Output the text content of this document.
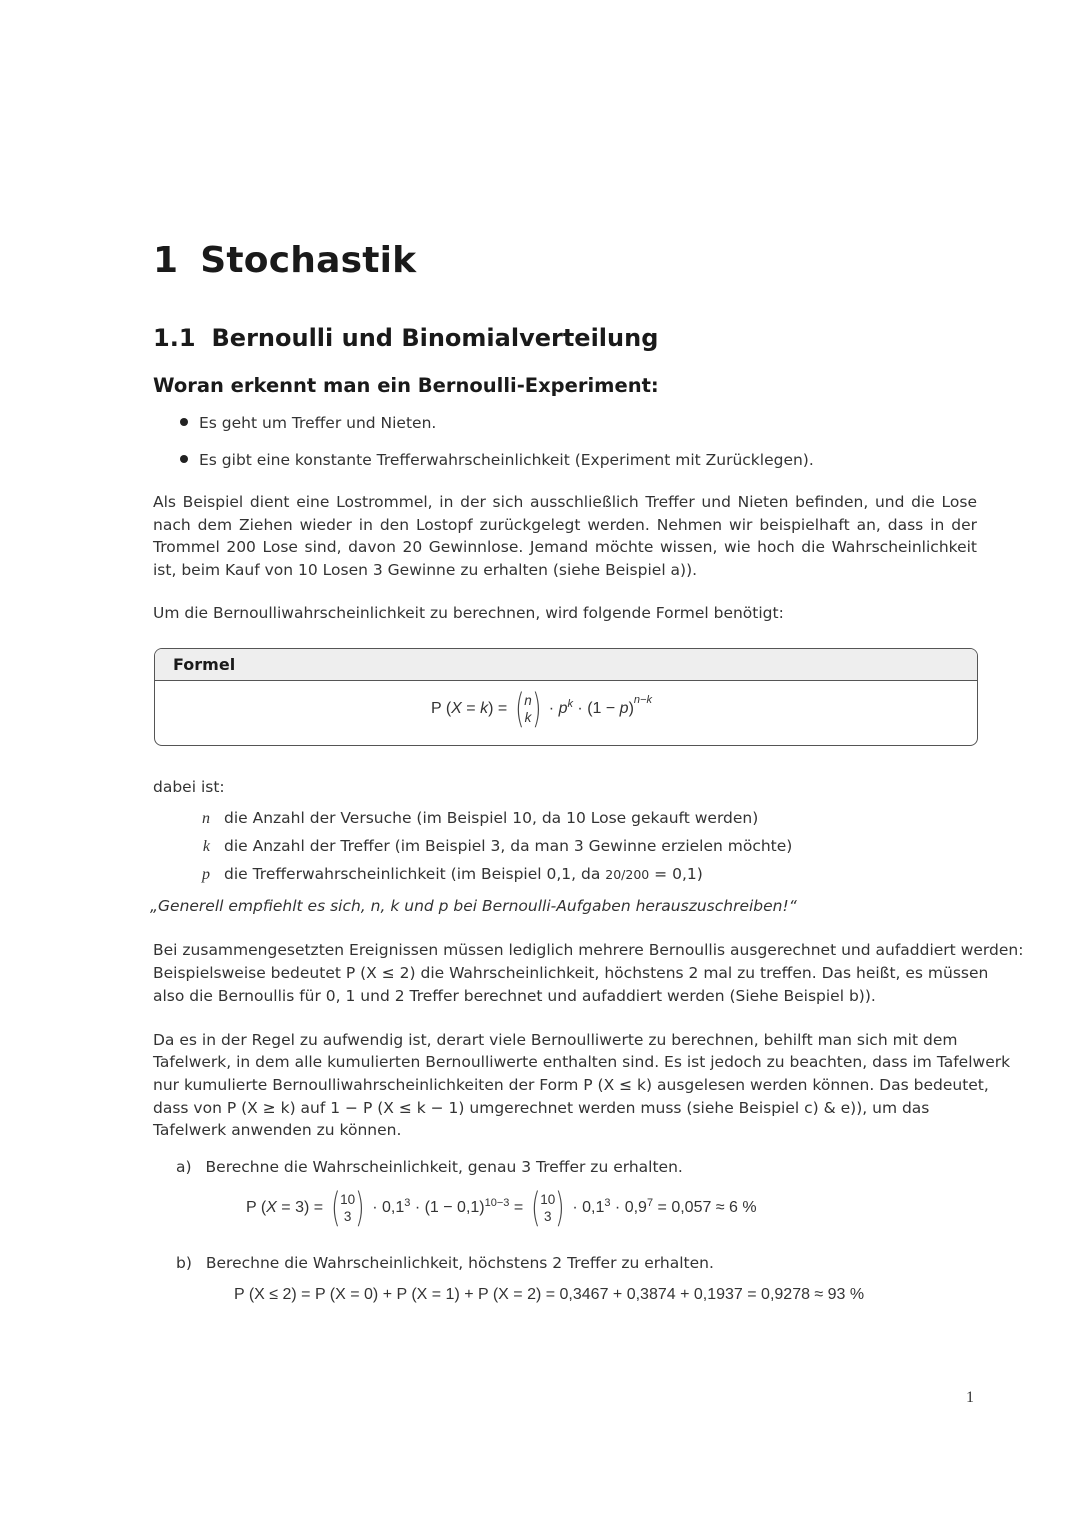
1 Stochastik
1.1 Bernoulli und Binomialverteilung
Woran erkennt man ein Bernoulli-Experiment:
Es geht um Treffer und Nieten.
Es gibt eine konstante Trefferwahrscheinlichkeit (Experiment mit Zurücklegen).
Als Beispiel dient eine Lostrommel, in der sich ausschließlich Treffer und Nieten befinden, und die Lose nach dem Ziehen wieder in den Lostopf zurückgelegt werden. Nehmen wir beispielhaft an, dass in der Trommel 200 Lose sind, davon 20 Gewinnlose. Jemand möchte wissen, wie hoch die Wahrscheinlichkeit ist, beim Kauf von 10 Losen 3 Gewinne zu erhalten (siehe Beispiel a)).
Um die Bernoulliwahrscheinlichkeit zu berechnen, wird folgende Formel benötigt:
Formel
P (X = k) = (n
$k) \cdot p^k \cdot (1 - p)^{n-k}$
dabei ist:
n die Anzahl der Versuche (im Beispiel 10, da 10 Lose gekauft werden)
k die Anzahl der Treffer (im Beispiel 3, da man 3 Gewinne erzielen möchte)
p die Trefferwahrscheinlichkeit (im Beispiel 0,1, da 20/200 = 0,1)
„Generell empfiehlt es sich, n, k und p bei Bernoulli-Aufgaben herauszuschreiben!“
Bei zusammengesetzten Ereignissen müssen lediglich mehrere Bernoullis ausgerechnet und aufaddiert werden:
Beispielsweise bedeutet P (X ≤ 2) die Wahrscheinlichkeit, höchstens 2 mal zu treffen. Das heißt, es müssen
also die Bernoullis für 0, 1 und 2 Treffer berechnet und aufaddiert werden (Siehe Beispiel b)).
Da es in der Regel zu aufwendig ist, derart viele Bernoulliwerte zu berechnen, behilft man sich mit dem
Tafelwerk, in dem alle kumulierten Bernoulliwerte enthalten sind. Es ist jedoch zu beachten, dass im Tafelwerk
nur kumulierte Bernoulliwahrscheinlichkeiten der Form P (X ≤ k) ausgelesen werden können. Das bedeutet,
dass von P (X ≥ k) auf 1 − P (X ≤ k − 1) umgerechnet werden muss (siehe Beispiel c) & e)), um das
Tafelwerk anwenden zu können.
a) Berechne die Wahrscheinlichkeit, genau 3 Treffer zu erhalten.
P (X = 3) = (10
$3) \cdot 0,1^3 \cdot (1 - 0,1)^{10-3} = (10$
$3) \cdot 0,1^3 \cdot 0,9^7 = 0,057 \approx 6$ %
b) Berechne die Wahrscheinlichkeit, höchstens 2 Treffer zu erhalten.
P (X ≤ 2) = P (X = 0) + P (X = 1) + P (X = 2) = 0,3467 + 0,3874 + 0,1937 = 0,9278 ≈ 93 %
1
